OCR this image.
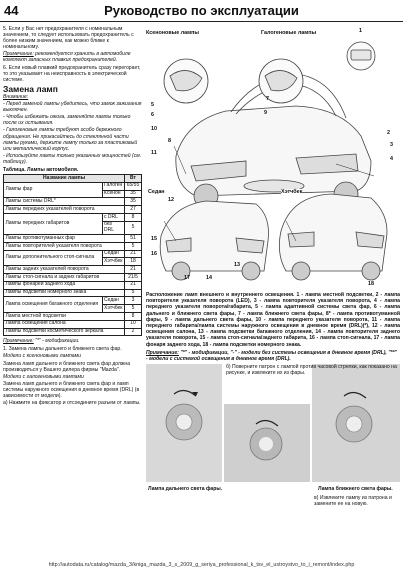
44	Руководство по эксплуатации

5. Если у Вас нет предохранителя с номинальным значением, то следует использовать предохранитель с более низким значением, как можно ближе к номинальному.

Примечание: рекомендуется хранить в автомобиле комплект запасных плавких предохранителей.

6. Если новый плавкий предохранитель сразу перегорает, то это указывает на неисправность в электрической системе.

Замена ламп

Внимание:

- Перед заменой лампы убедитесь, что замок зажигания выключен.

- Чтобы избежать ожога, заменяйте лампы только после их остывания.

- Галогеновые лампы требуют особо бережного обращения. Не прикасайтесь до стеклянной части лампы руками, держите лампу только за пластиковый или металлический корпус.

- Используйте лампы только указанных мощностей (см. таблицу).

Таблица. Лампы автомобиля.
Название лампы		Вт
Лампы фар	Галоген	65/55
	Ксенон	35
Лампы системы DRL*		35
Лампы передних указателей поворота		27
Лампы передних габаритов	с DRL	8
	без DRL	5
Лампы противотуманных фар		51
Лампы повторителей указателя поворота		5
Лампы дополнительного стоп-сигнала	Седан	21
	Хэтчбек	18
Лампы задних указателей поворота		21
Лампы стоп-сигнала и задних габаритов		21/5
Лампы фонарей заднего хода		21
Лампы подсветки номерного знака		5
Лампа освещения багажного отделения	Седан	3
	Хэтчбек	5
Лампа местной подсветки		8
Лампа освещения салона		10
Лампы подсветки косметического зеркала		2

Примечание: "*" - модификации.

1. Замена лампы дальнего и ближнего света фар.

Модели с ксеноновыми лампами

Замена ламп дальнего и ближнего света фар должна производиться у Вашего дилера фирмы "Mazda".

Модели с галогеновыми лампами

Замена ламп дальнего и ближнего света фар и ламп системы наружного освещения в дневное время (DRL) (в зависимости от модели).

а) Нажмите на фиксатор и отсоедините разъем от лампы.

Ксеноновые лампы	Галогеновые лампы
Седан	Хэтчбек
1
2
3
4
5
6
7
8
9
10
11
12
13
14
15
16
17
18

Расположение ламп внешнего и внутреннего освещения. 1 - лампа местной подсветки, 2 - лампа повторителя указателя поворота (LED), 3 - лампа повторителя указателя поворота, 4 - лампа переднего указателя поворота/габарита, 5 - лампа адаптивной системы света фар, 6 - лампа дальнего и ближнего света фары, 7 - лампа ближнего света фары, 8* - лампа противотуманной фары, 9 - лампа дальнего света фары, 10 - лампа переднего указателя поворота, 11 - лампа переднего габарита/лампа системы наружного освещения в дневное время (DRL)(*), 12 - лампа освещения салона, 13 - лампа подсветки багажного отделения, 14 - лампа повторителя заднего указателя поворота, 15 - лампа стоп-сигнала/заднего габарита, 16 - лампа стоп-сигнала, 17 - лампа фонаря заднего хода, 18 - лампа подсветки номерного знака.

Примечание: "*" - модификации, "-" - модели без системы освещения в дневное время (DRL), "**" - модели с системой освещения в дневное время (DRL).

б) Поверните патрон с лампой против часовой стрелки, как показано на рисунке, и извлеките их из фары.
Лампа дальнего света фары.	Лампа ближнего света фары.
в) Извлеките лампу из патрона и замените ее на новую.
http://autodata.ru/catalog/mazda_3/kniga_mazda_3_s_2009_g_seriya_professional_k_tsv_el_ustroystvo_to_i_remont/index.php
